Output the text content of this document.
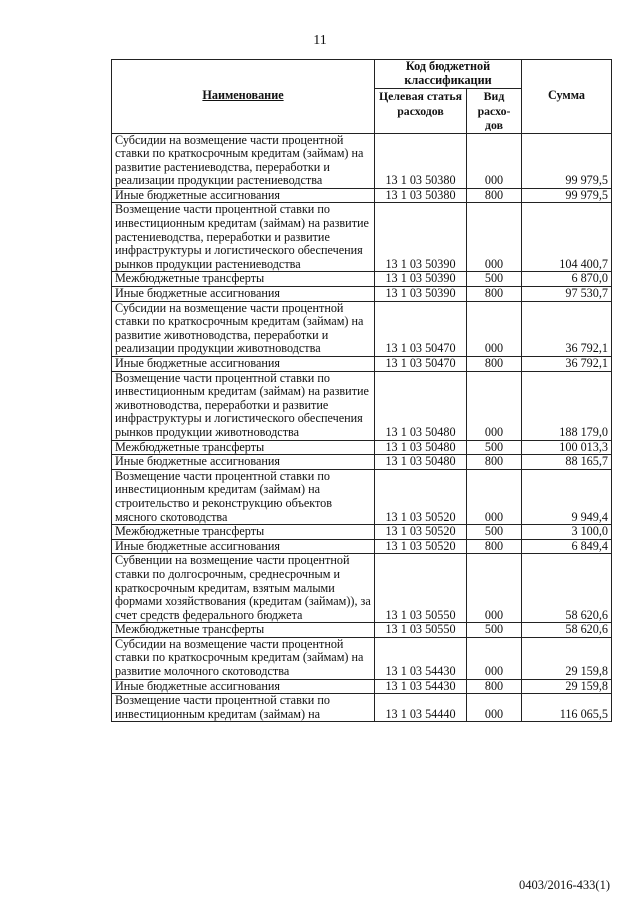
11
Наименование	Код бюджетной классификации		Сумма
	Целевая статья расходов	Вид расхо-дов	
Субсидии на возмещение части процентной ставки по краткосрочным кредитам (займам) на развитие растениеводства, переработки и реализации продукции растениеводства	13 1 03 50380	000	99 979,5
Иные бюджетные ассигнования	13 1 03 50380	800	99 979,5
Возмещение части процентной ставки по инвестиционным кредитам (займам) на развитие растениеводства, переработки и развитие инфраструктуры и логистического обеспечения рынков продукции растениеводства	13 1 03 50390	000	104 400,7
Межбюджетные трансферты	13 1 03 50390	500	6 870,0
Иные бюджетные ассигнования	13 1 03 50390	800	97 530,7
Субсидии на возмещение части процентной ставки по краткосрочным кредитам (займам) на развитие животноводства, переработки и реализации продукции животноводства	13 1 03 50470	000	36 792,1
Иные бюджетные ассигнования	13 1 03 50470	800	36 792,1
Возмещение части процентной ставки по инвестиционным кредитам (займам) на развитие животноводства, переработки и развитие инфраструктуры и логистического обеспечения рынков продукции животноводства	13 1 03 50480	000	188 179,0
Межбюджетные трансферты	13 1 03 50480	500	100 013,3
Иные бюджетные ассигнования	13 1 03 50480	800	88 165,7
Возмещение части процентной ставки по инвестиционным кредитам (займам) на строительство и реконструкцию объектов мясного скотоводства	13 1 03 50520	000	9 949,4
Межбюджетные трансферты	13 1 03 50520	500	3 100,0
Иные бюджетные ассигнования	13 1 03 50520	800	6 849,4
Субвенции на возмещение части процентной ставки по долгосрочным, среднесрочным и краткосрочным кредитам, взятым малыми формами хозяйствования (кредитам (займам)), за счет средств федерального бюджета	13 1 03 50550	000	58 620,6
Межбюджетные трансферты	13 1 03 50550	500	58 620,6
Субсидии на возмещение части процентной ставки по краткосрочным кредитам (займам) на развитие молочного скотоводства	13 1 03 54430	000	29 159,8
Иные бюджетные ассигнования	13 1 03 54430	800	29 159,8
Возмещение части процентной ставки по инвестиционным кредитам (займам) на	13 1 03 54440	000	116 065,5
0403/2016-433(1)
